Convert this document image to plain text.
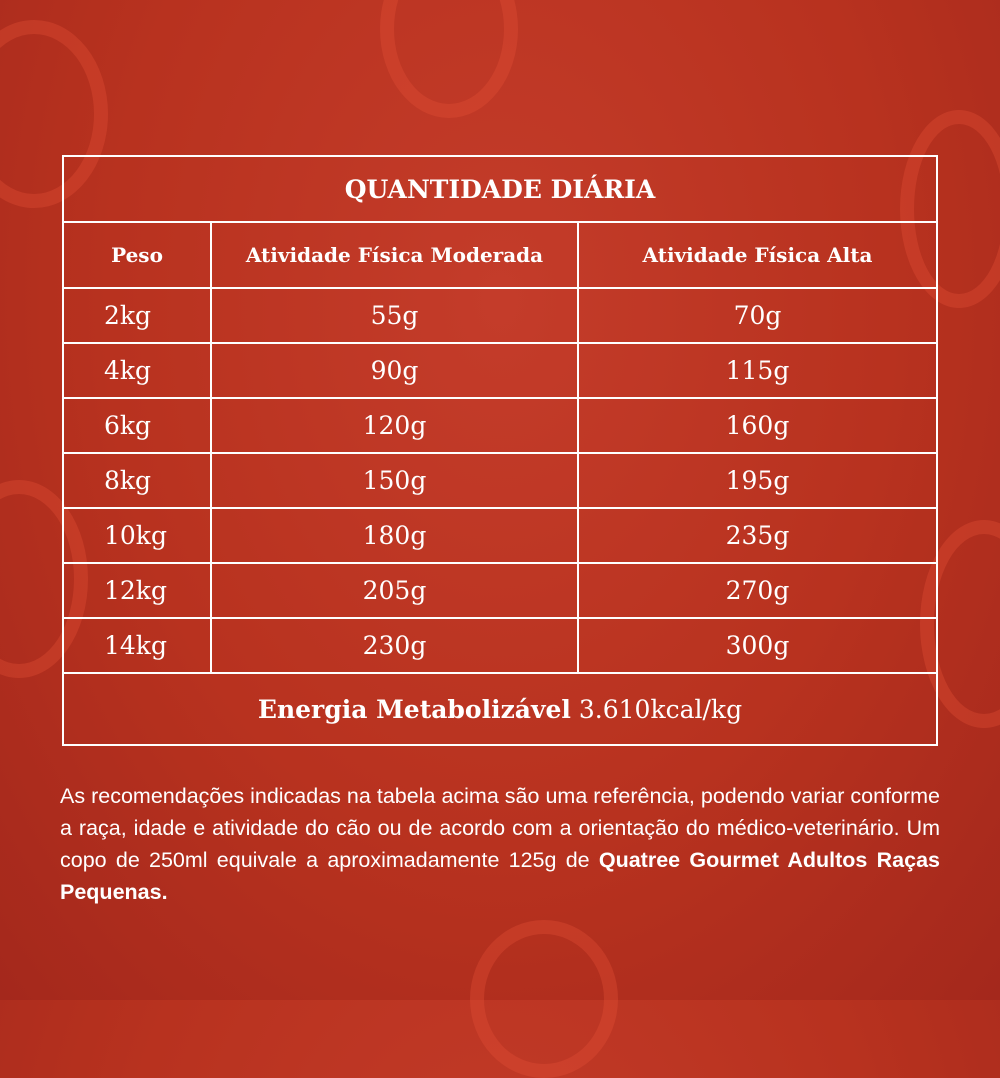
QUANTIDADE DIÁRIA		
Peso	Atividade Física Moderada	Atividade Física Alta
2kg	55g	70g
4kg	90g	115g
6kg	120g	160g
8kg	150g	195g
10kg	180g	235g
12kg	205g	270g
14kg	230g	300g
Energia Metabolizável 3.610kcal/kg		
As recomendações indicadas na tabela acima são uma referência, podendo variar conforme a raça, idade e atividade do cão ou de acordo com a orientação do médico-veterinário. Um copo de 250ml equivale a aproximadamente 125g de Quatree Gourmet Adultos Raças Pequenas.
